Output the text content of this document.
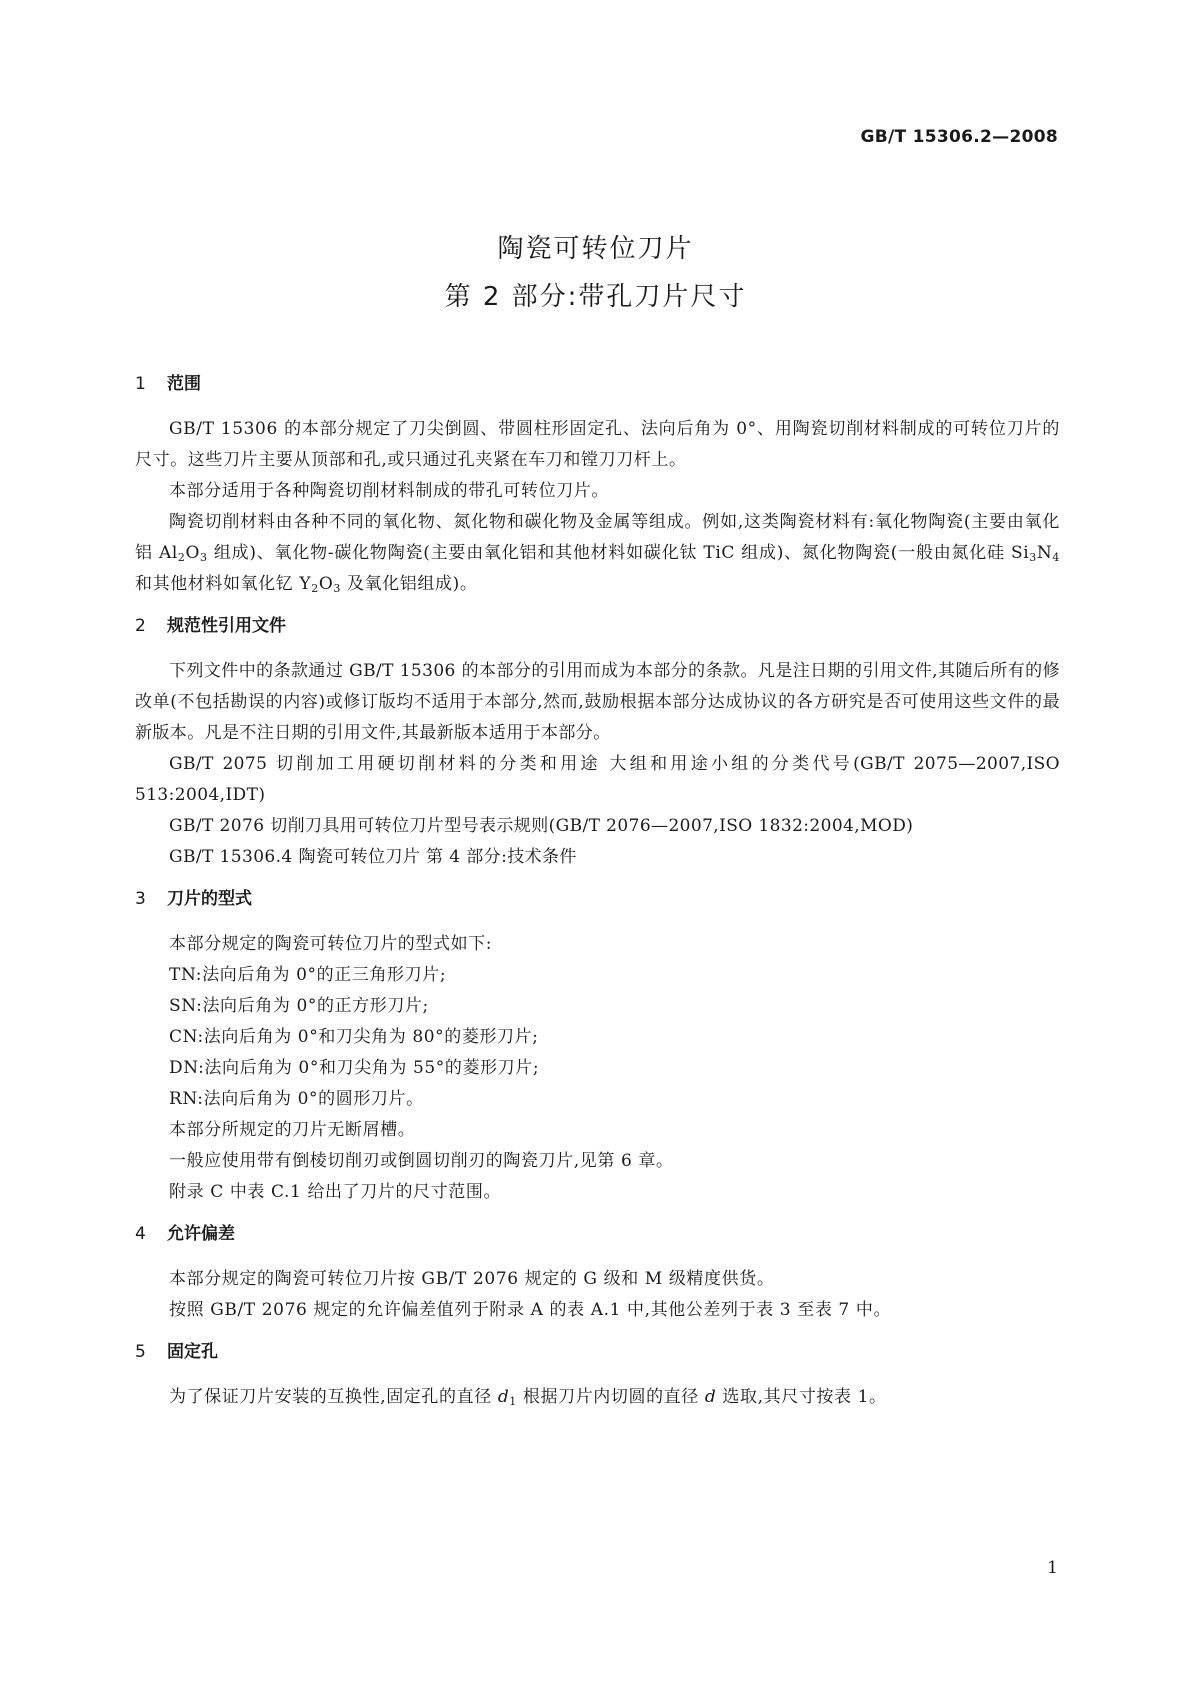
GB/T 15306.2—2008
陶瓷可转位刀片
第 2 部分:带孔刀片尺寸
1 范围

GB/T 15306 的本部分规定了刀尖倒圆、带圆柱形固定孔、法向后角为 0°、用陶瓷切削材料制成的可转位刀片的尺寸。这些刀片主要从顶部和孔,或只通过孔夹紧在车刀和镗刀刀杆上。

本部分适用于各种陶瓷切削材料制成的带孔可转位刀片。

陶瓷切削材料由各种不同的氧化物、氮化物和碳化物及金属等组成。例如,这类陶瓷材料有:氧化物陶瓷(主要由氧化铝 $Al_2O_3$ 组成)、氧化物-碳化物陶瓷(主要由氧化铝和其他材料如碳化钛 TiC 组成)、氮化物陶瓷(一般由氮化硅 $Si_3N_4$ 和其他材料如氧化钇 $Y_2O_3$ 及氧化铝组成)。

2 规范性引用文件

下列文件中的条款通过 GB/T 15306 的本部分的引用而成为本部分的条款。凡是注日期的引用文件,其随后所有的修改单(不包括勘误的内容)或修订版均不适用于本部分,然而,鼓励根据本部分达成协议的各方研究是否可使用这些文件的最新版本。凡是不注日期的引用文件,其最新版本适用于本部分。

GB/T 2075 切削加工用硬切削材料的分类和用途 大组和用途小组的分类代号(GB/T 2075—2007,ISO 513:2004,IDT)

GB/T 2076 切削刀具用可转位刀片型号表示规则(GB/T 2076—2007,ISO 1832:2004,MOD)

GB/T 15306.4 陶瓷可转位刀片 第 4 部分:技术条件

3 刀片的型式

本部分规定的陶瓷可转位刀片的型式如下:

TN:法向后角为 0°的正三角形刀片;

SN:法向后角为 0°的正方形刀片;

CN:法向后角为 0°和刀尖角为 80°的菱形刀片;

DN:法向后角为 0°和刀尖角为 55°的菱形刀片;

RN:法向后角为 0°的圆形刀片。

本部分所规定的刀片无断屑槽。

一般应使用带有倒棱切削刃或倒圆切削刃的陶瓷刀片,见第 6 章。

附录 C 中表 C.1 给出了刀片的尺寸范围。

4 允许偏差

本部分规定的陶瓷可转位刀片按 GB/T 2076 规定的 G 级和 M 级精度供货。

按照 GB/T 2076 规定的允许偏差值列于附录 A 的表 A.1 中,其他公差列于表 3 至表 7 中。

5 固定孔

为了保证刀片安装的互换性,固定孔的直径 $d_1$ 根据刀片内切圆的直径 d 选取,其尺寸按表 1。

1
